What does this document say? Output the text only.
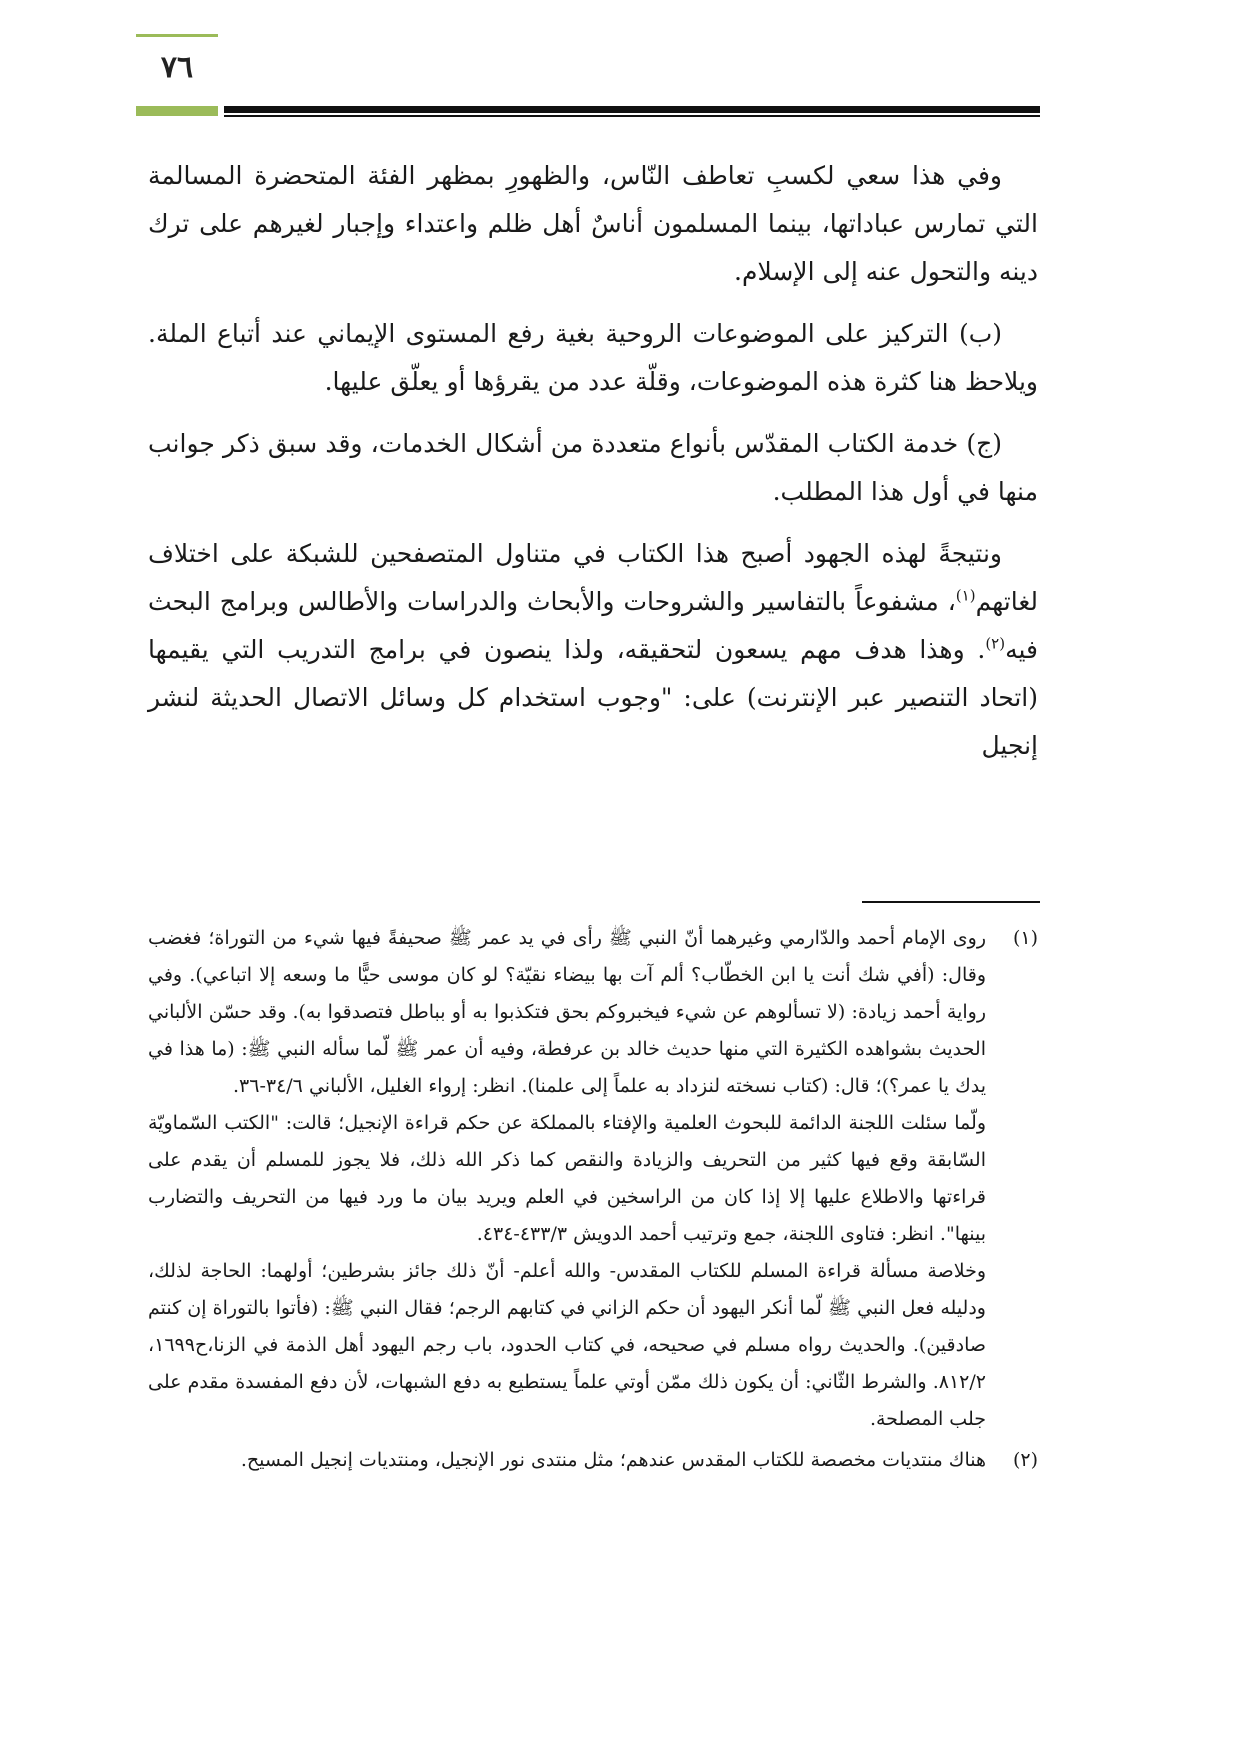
٧٦

وفي هذا سعي لكسبِ تعاطف النّاس، والظهورِ بمظهر الفئة المتحضرة المسالمة التي تمارس عباداتها، بينما المسلمون أناسٌ أهل ظلم واعتداء وإجبار لغيرهم على ترك دينه والتحول عنه إلى الإسلام.

(ب) التركيز على الموضوعات الروحية بغية رفع المستوى الإيماني عند أتباع الملة. ويلاحظ هنا كثرة هذه الموضوعات، وقلّة عدد من يقرؤها أو يعلّق عليها.

(ج) خدمة الكتاب المقدّس بأنواع متعددة من أشكال الخدمات، وقد سبق ذكر جوانب منها في أول هذا المطلب.

ونتيجةً لهذه الجهود أصبح هذا الكتاب في متناول المتصفحين للشبكة على اختلاف لغاتهم$^{(١)}$، مشفوعاً بالتفاسير والشروحات والأبحاث والدراسات والأطالس وبرامج البحث فيه$^{(٢)}$. وهذا هدف مهم يسعون لتحقيقه، ولذا ينصون في برامج التدريب التي يقيمها (اتحاد التنصير عبر الإنترنت) على: "وجوب استخدام كل وسائل الاتصال الحديثة لنشر إنجيل

(١)

روى الإمام أحمد والدّارمي وغيرهما أنّ النبي ﷺ رأى في يد عمر ﷺ صحيفةً فيها شيء من التوراة؛ فغضب وقال: (أفي شك أنت يا ابن الخطّاب؟ ألم آت بها بيضاء نقيّة؟ لو كان موسى حيًّا ما وسعه إلا اتباعي). وفي رواية أحمد زيادة: (لا تسألوهم عن شيء فيخبروكم بحق فتكذبوا به أو بباطل فتصدقوا به). وقد حسّن الألباني الحديث بشواهده الكثيرة التي منها حديث خالد بن عرفطة، وفيه أن عمر ﷺ لّما سأله النبي ﷺ: (ما هذا في يدك يا عمر؟)؛ قال: (كتاب نسخته لنزداد به علماً إلى علمنا). انظر: إرواء الغليل، الألباني ٣٤/٦-٣٦.

ولّما سئلت اللجنة الدائمة للبحوث العلمية والإفتاء بالمملكة عن حكم قراءة الإنجيل؛ قالت: "الكتب السّماويّة السّابقة وقع فيها كثير من التحريف والزيادة والنقص كما ذكر الله ذلك، فلا يجوز للمسلم أن يقدم على قراءتها والاطلاع عليها إلا إذا كان من الراسخين في العلم ويريد بيان ما ورد فيها من التحريف والتضارب بينها". انظر: فتاوى اللجنة، جمع وترتيب أحمد الدويش ٤٣٣/٣-٤٣٤.

وخلاصة مسألة قراءة المسلم للكتاب المقدس- والله أعلم- أنّ ذلك جائز بشرطين؛ أولهما: الحاجة لذلك، ودليله فعل النبي ﷺ لّما أنكر اليهود أن حكم الزاني في كتابهم الرجم؛ فقال النبي ﷺ: (فأتوا بالتوراة إن كنتم صادقين). والحديث رواه مسلم في صحيحه، في كتاب الحدود، باب رجم اليهود أهل الذمة في الزنا،ح١٦٩٩، ٨١٢/٢. والشرط الثّاني: أن يكون ذلك ممّن أوتي علماً يستطيع به دفع الشبهات، لأن دفع المفسدة مقدم على جلب المصلحة.

(٢)

هناك منتديات مخصصة للكتاب المقدس عندهم؛ مثل منتدى نور الإنجيل، ومنتديات إنجيل المسيح.
